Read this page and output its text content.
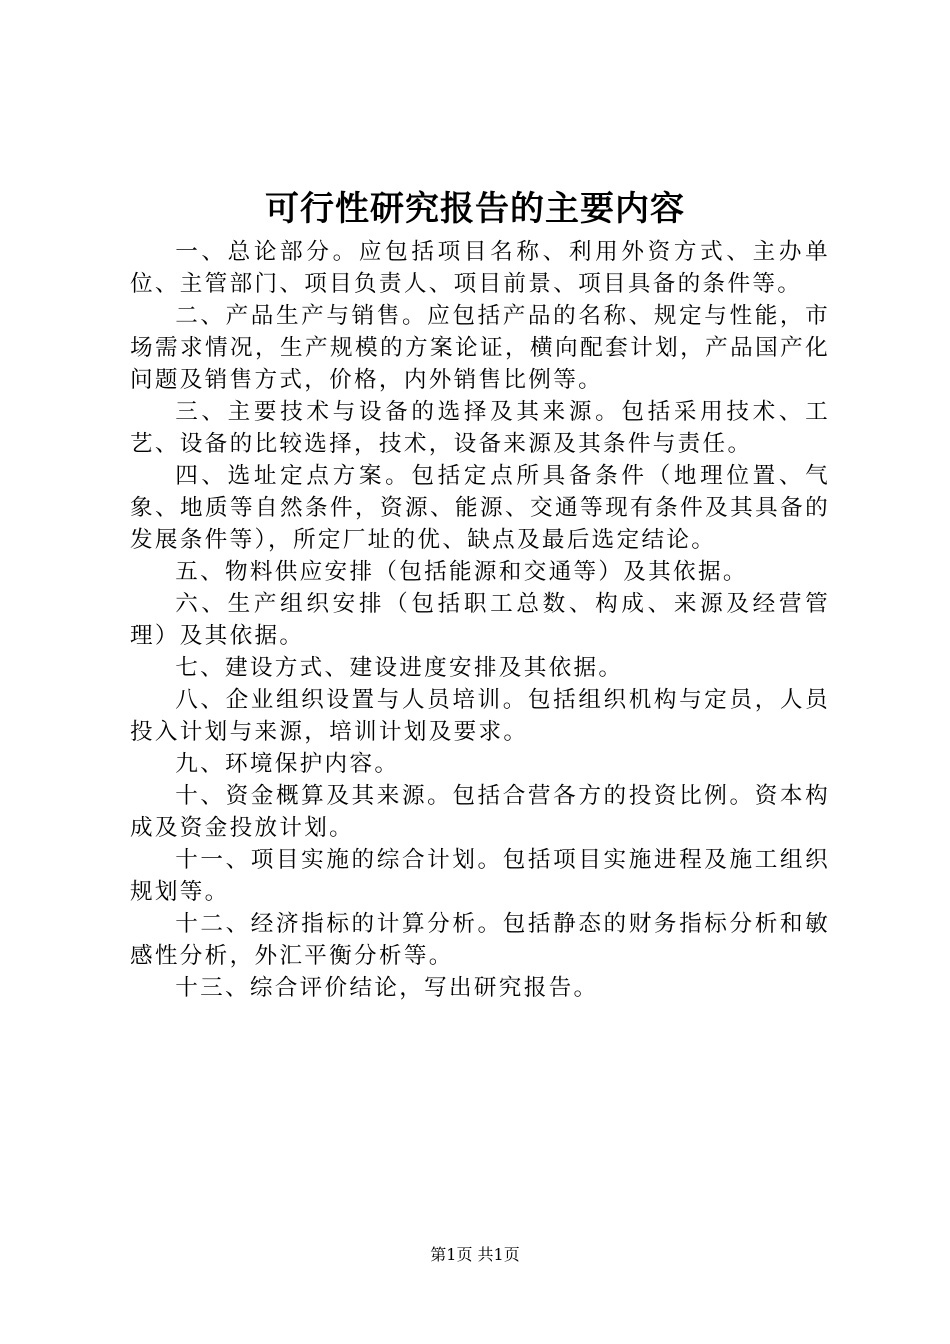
可行性研究报告的主要内容

一、总论部分。应包括项目名称、利用外资方式、主办单位、主管部门、项目负责人、项目前景、项目具备的条件等。

二、产品生产与销售。应包括产品的名称、规定与性能，市场需求情况，生产规模的方案论证，横向配套计划，产品国产化问题及销售方式，价格，内外销售比例等。

三、主要技术与设备的选择及其来源。包括采用技术、工艺、设备的比较选择，技术，设备来源及其条件与责任。

四、选址定点方案。包括定点所具备条件（地理位置、气象、地质等自然条件，资源、能源、交通等现有条件及其具备的发展条件等），所定厂址的优、缺点及最后选定结论。

五、物料供应安排（包括能源和交通等）及其依据。

六、生产组织安排（包括职工总数、构成、来源及经营管理）及其依据。

七、建设方式、建设进度安排及其依据。

八、企业组织设置与人员培训。包括组织机构与定员，人员投入计划与来源，培训计划及要求。

九、环境保护内容。

十、资金概算及其来源。包括合营各方的投资比例。资本构成及资金投放计划。

十一、项目实施的综合计划。包括项目实施进程及施工组织规划等。

十二、经济指标的计算分析。包括静态的财务指标分析和敏感性分析，外汇平衡分析等。

十三、综合评价结论，写出研究报告。

第1页 共1页
